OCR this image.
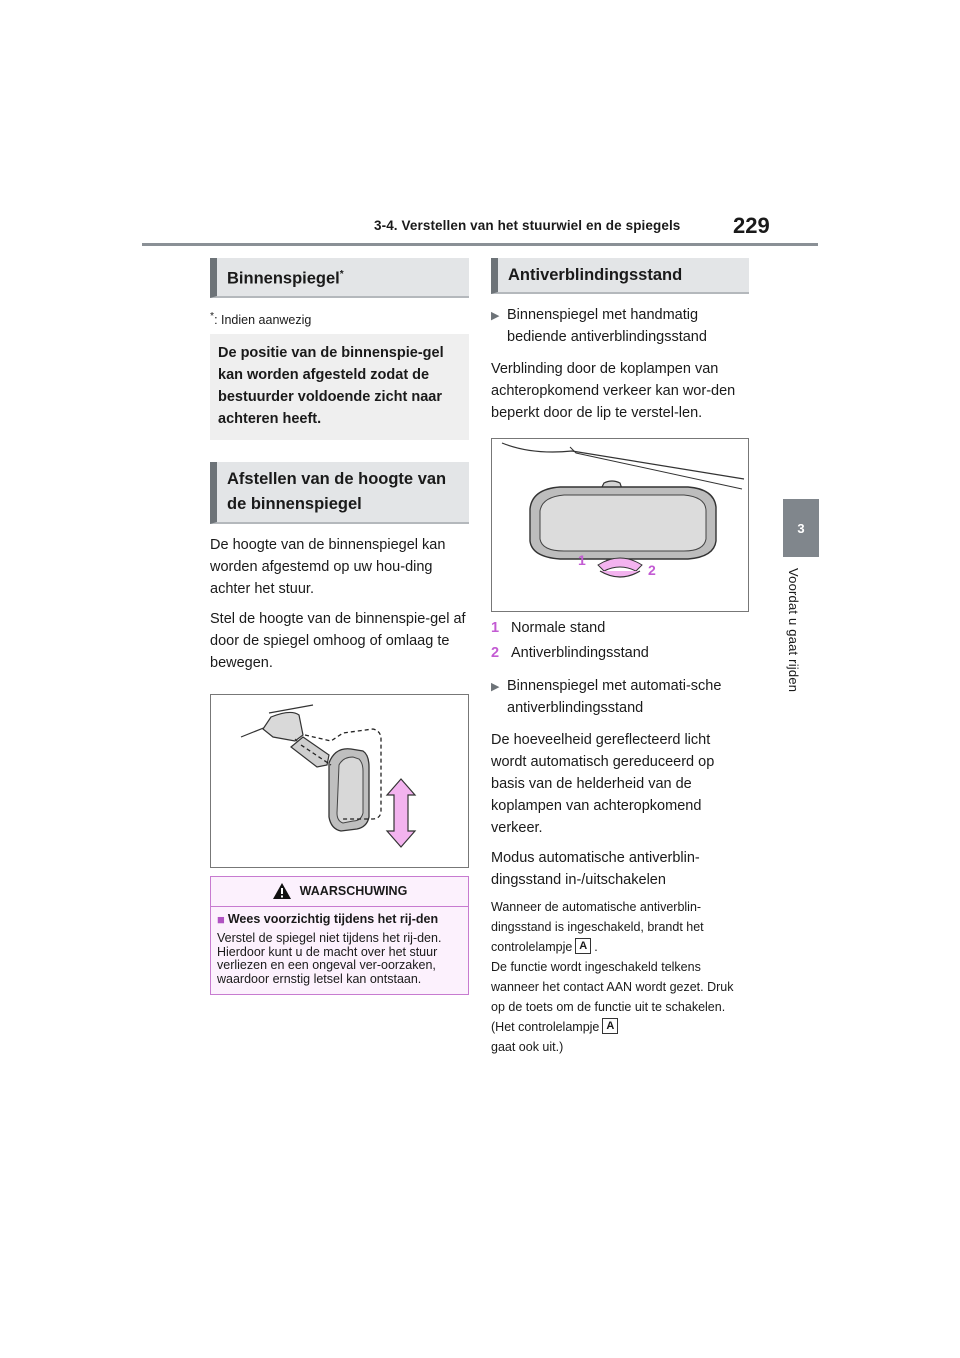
3-4. Verstellen van het stuurwiel en de spiegels 229
3
Voordat u gaat rijden
Binnenspiegel*
*: Indien aanwezig
De positie van de binnenspie-gel kan worden afgesteld zodat de bestuurder voldoende zicht naar achteren heeft.
Afstellen van de hoogte van de binnenspiegel
De hoogte van de binnenspiegel kan worden afgestemd op uw hou-ding achter het stuur.
Stel de hoogte van de binnenspie-gel af door de spiegel omhoog of omlaag te bewegen.
WAARSCHUWING
■ Wees voorzichtig tijdens het rij-den
Verstel de spiegel niet tijdens het rij-den. Hierdoor kunt u de macht over het stuur verliezen en een ongeval ver-oorzaken, waardoor ernstig letsel kan ontstaan.
Antiverblindingsstand
▶ Binnenspiegel met handmatig bediende antiverblindingsstand
Verblinding door de koplampen van achteropkomend verkeer kan wor-den beperkt door de lip te verstel-len.
1
2
1 Normale stand
2 Antiverblindingsstand
▶ Binnenspiegel met automati-sche antiverblindingsstand
De hoeveelheid gereflecteerd licht wordt automatisch gereduceerd op basis van de helderheid van de koplampen van achteropkomend verkeer.
Modus automatische antiverblin-dingsstand in-/uitschakelen
Wanneer de automatische antiverblin-dingsstand is ingeschakeld, brandt het controlelampje A .
De functie wordt ingeschakeld telkens wanneer het contact AAN wordt gezet. Druk op de toets om de functie uit te schakelen. (Het controlelampje A
gaat ook uit.)
